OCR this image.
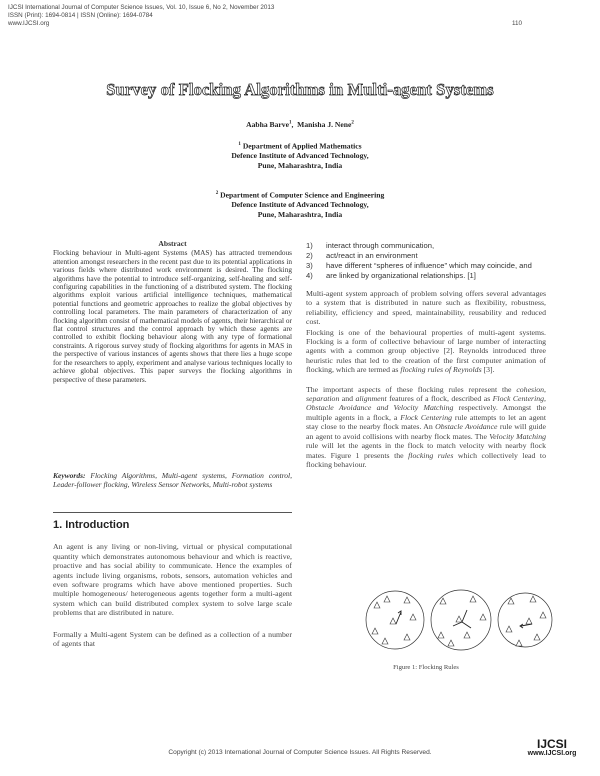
IJCSI International Journal of Computer Science Issues, Vol. 10, Issue 6, No 2, November 2013
ISSN (Print): 1694-0814 | ISSN (Online): 1694-0784
www.IJCSI.org	110
Survey of Flocking Algorithms in Multi-agent Systems
Aabha Barve$^1$,  Manisha J. Nene$^2$
$^1$ Department of Applied Mathematics
Defence Institute of Advanced Technology,
Pune, Maharashtra, India
$^2$ Department of Computer Science and Engineering
Defence Institute of Advanced Technology,
Pune, Maharashtra, India
Abstract
Flocking behaviour in Multi-agent Systems (MAS) has attracted tremendous attention amongst researchers in the recent past due to its potential applications in various fields where distributed work environment is desired. The flocking algorithms have the potential to introduce self-organizing, self-healing and self-configuring capabilities in the functioning of a distributed system. The flocking algorithms exploit various artificial intelligence techniques, mathematical potential functions and geometric approaches to realize the global objectives by controlling local parameters. The main parameters of characterization of any flocking algorithm consist of mathematical models of agents, their hierarchical or flat control structures and the control approach by which these agents are controlled to exhibit flocking behaviour along with any type of formational constraints. A rigorous survey study of flocking algorithms for agents in MAS in the perspective of various instances of agents shows that there lies a huge scope for the researchers to apply, experiment and analyse various techniques locally to achieve global objectives. This paper surveys the flocking algorithms in perspective of these parameters.
Keywords: Flocking Algorithms, Multi-agent systems, Formation control, Leader-follower flocking, Wireless Sensor Networks, Multi-robot systems
1. Introduction
An agent is any living or non-living, virtual or physical computational quantity which demonstrates autonomous behaviour and which is reactive, proactive and has social ability to communicate. Hence the examples of agents include living organisms, robots, sensors, automation vehicles and even software programs which have above mentioned properties. Such multiple homogeneous/ heterogeneous agents together form a multi-agent system which can build distributed complex system to solve large scale problems that are distributed in nature.
Formally a Multi-agent System can be defined as a collection of a number of agents that
1) interact through communication,
2) act/react in an environment
3) have different “spheres of influence” which may coincide, and
4) are linked by organizational relationships. [1]
Multi-agent system approach of problem solving offers several advantages to a system that is distributed in nature such as flexibility, robustness, reliability, efficiency and speed, maintainability, reusability and reduced cost.
Flocking is one of the behavioural properties of multi-agent systems. Flocking is a form of collective behaviour of large number of interacting agents with a common group objective [2]. Reynolds introduced three heuristic rules that led to the creation of the first computer animation of flocking, which are termed as flocking rules of Reynolds [3].
The important aspects of these flocking rules represent the cohesion, separation and alignment features of a flock, described as Flock Centering, Obstacle Avoidance and Velocity Matching respectively. Amongst the multiple agents in a flock, a Flock Centering rule attempts to let an agent stay close to the nearby flock mates. An Obstacle Avoidance rule will guide an agent to avoid collisions with nearby flock mates. The Velocity Matching rule will let the agents in the flock to match velocity with nearby flock mates. Figure 1 presents the flocking rules which collectively lead to flocking behaviour.
Figure 1: Flocking Rules
Copyright (c) 2013 International Journal of Computer Science Issues. All Rights Reserved.
IJCSI
www.IJCSI.org
